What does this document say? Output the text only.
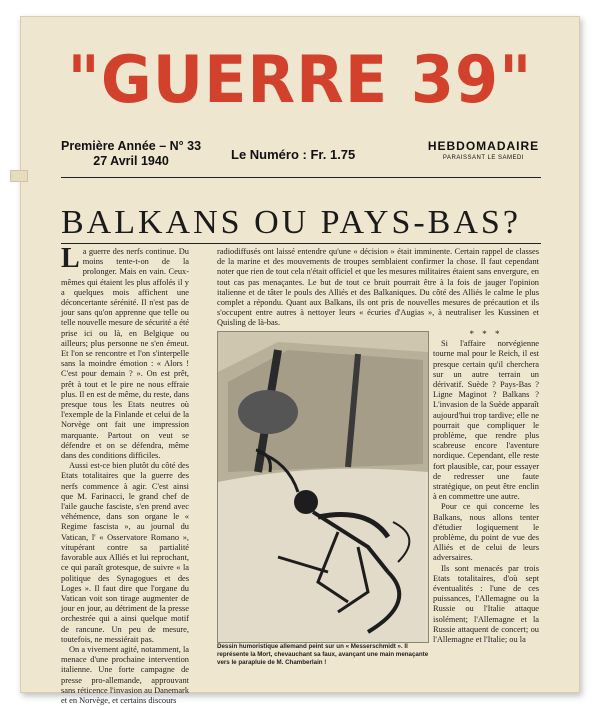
"GUERRE 39"
Première Année – N° 33
27 Avril 1940	Le Numéro : Fr. 1.75
HEBDOMADAIRE
PARAISSANT LE SAMEDI
BALKANS OU PAYS-BAS?
L a guerre des nerfs continue. Du moins tente-t-on de la prolonger. Mais en vain. Ceux-mêmes qui étaient les plus affolés il y a quelques mois affichent une déconcertante sérénité. Il n'est pas de jour sans qu'on apprenne que telle ou telle nouvelle mesure de sécurité a été prise ici ou là, en Belgique ou ailleurs; plus personne ne s'en émeut. Et l'on se rencontre et l'on s'interpelle sans la moindre émotion : « Alors ! C'est pour demain ? ». On est prêt, prêt à tout et le pire ne nous effraie plus. Il en est de même, du reste, dans presque tous les Etats neutres où l'exemple de la Finlande et celui de la Norvège ont fait une impression marquante. Partout on veut se défendre et on se défendra, même dans des conditions difficiles.

Aussi est-ce bien plutôt du côté des Etats totalitaires que la guerre des nerfs commence à agir. C'est ainsi que M. Farinacci, le grand chef de l'aile gauche fasciste, s'en prend avec véhémence, dans son organe le « Regime fascista », au journal du Vatican, l' « Osservatore Romano », vitupérant contre sa partialité favorable aux Alliés et lui reprochant, ce qui paraît grotesque, de suivre « la politique des Synagogues et des Loges ». Il faut dire que l'organe du Vatican voit son tirage augmenter de jour en jour, au détriment de la presse orchestrée qui a ainsi quelque motif de rancune. Un peu de mesure, toutefois, ne messiérait pas.

On a vivement agité, notamment, la menace d'une prochaine intervention italienne. Une forte campagne de presse pro-allemande, approuvant sans réticence l'invasion au Danemark et en Norvège, et certains discours

radiodiffusés ont laissé entendre qu'une « décision » était imminente. Certain rappel de classes de la marine et des mouvements de troupes semblaient confirmer la chose. Il faut cependant noter que rien de tout cela n'était officiel et que les mesures militaires étaient sans envergure, en tout cas pas menaçantes. Le but de tout ce bruit pourrait être à la fois de jauger l'opinion italienne et de tâter le pouls des Alliés et des Balkaniques. Du côté des Alliés le calme le plus complet a répondu. Quant aux Balkans, ils ont pris de nouvelles mesures de précaution et ils s'occupent entre autres à nettoyer leurs « écuries d'Augias », à neutraliser les Kussinen et Quisling de là-bas.

Dessin humoristique allemand peint sur un « Messerschmidt ». Il représente la Mort, chevauchant sa faux, avançant une main menaçante vers le parapluie de M. Chamberlain !
* * *

Si l'affaire norvégienne tourne mal pour le Reich, il est presque certain qu'il cherchera sur un autre terrain un dérivatif. Suède ? Pays-Bas ? Ligne Maginot ? Balkans ? L'invasion de la Suède apparaît aujourd'hui trop tardive; elle ne pourrait que compliquer le problème, que rendre plus scabreuse encore l'aventure nordique. Cependant, elle reste fort plausible, car, pour essayer de redresser une faute stratégique, on peut être enclin à en commettre une autre.

Pour ce qui concerne les Balkans, nous allons tenter d'étudier logiquement le problème, du point de vue des Alliés et de celui de leurs adversaires.

Ils sont menacés par trois Etats totalitaires, d'où sept éventualités : l'une de ces puissances, l'Allemagne ou la Russie ou l'Italie attaque isolément; l'Allemagne et la Russie attaquent de concert; ou l'Allemagne et l'Italie; ou la
